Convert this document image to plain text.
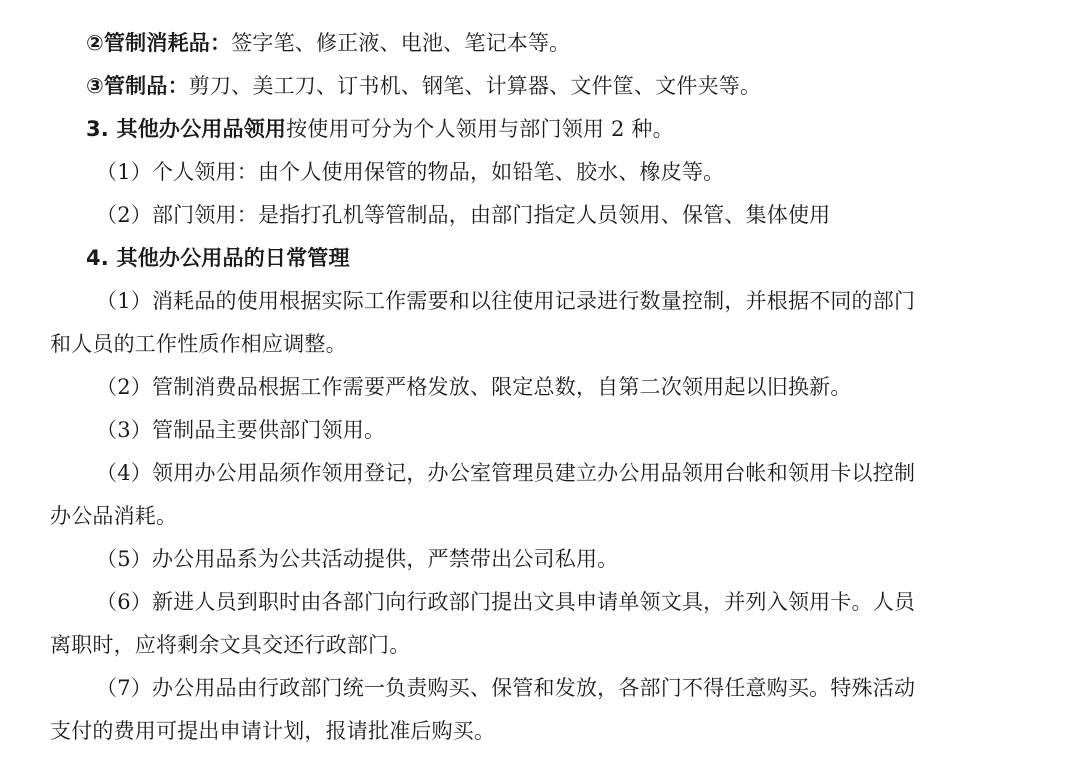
②管制消耗品：签字笔、修正液、电池、笔记本等。
③管制品：剪刀、美工刀、订书机、钢笔、计算器、文件筐、文件夹等。
3. 其他办公用品领用按使用可分为个人领用与部门领用 2 种。
（1）个人领用：由个人使用保管的物品，如铅笔、胶水、橡皮等。
（2）部门领用：是指打孔机等管制品，由部门指定人员领用、保管、集体使用
4. 其他办公用品的日常管理
（1）消耗品的使用根据实际工作需要和以往使用记录进行数量控制，并根据不同的部门
和人员的工作性质作相应调整。
（2）管制消费品根据工作需要严格发放、限定总数，自第二次领用起以旧换新。
（3）管制品主要供部门领用。
（4）领用办公用品须作领用登记，办公室管理员建立办公用品领用台帐和领用卡以控制
办公品消耗。
（5）办公用品系为公共活动提供，严禁带出公司私用。
（6）新进人员到职时由各部门向行政部门提出文具申请单领文具，并列入领用卡。人员
离职时，应将剩余文具交还行政部门。
（7）办公用品由行政部门统一负责购买、保管和发放，各部门不得任意购买。特殊活动
支付的费用可提出申请计划，报请批准后购买。
